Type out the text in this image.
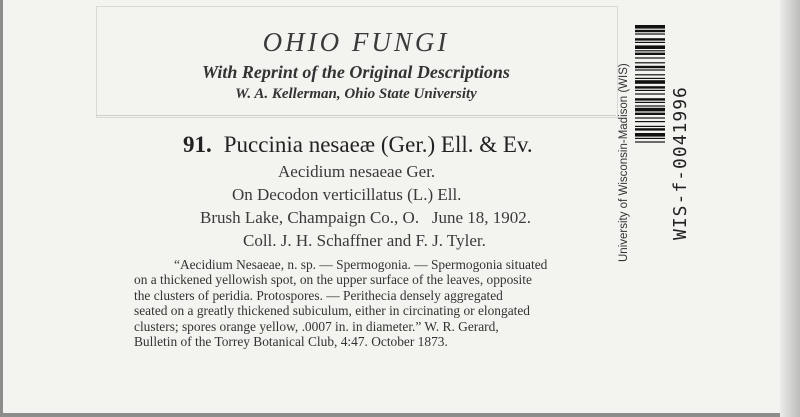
OHIO FUNGI
With Reprint of the Original Descriptions
W. A. Kellerman, Ohio State University
91. Puccinia nesaeæ (Ger.) Ell. & Ev.
Aecidium nesaeae Ger.
On Decodon verticillatus (L.) Ell.
Brush Lake, Champaign Co., O.   June 18, 1902.
Coll. J. H. Schaffner and F. J. Tyler.
“Aecidium Nesaeae, n. sp. — Spermogonia. — Spermogonia situated
on a thickened yellowish spot, on the upper surface of the leaves, opposite
the clusters of peridia. Protospores. — Perithecia densely aggregated
seated on a greatly thickened subiculum, either in circinating or elongated
clusters; spores orange yellow, .0007 in. in diameter.” W. R. Gerard,
Bulletin of the Torrey Botanical Club, 4:47. October 1873.
University of Wisconsin-Madison (WIS) WIS-f-0041996
